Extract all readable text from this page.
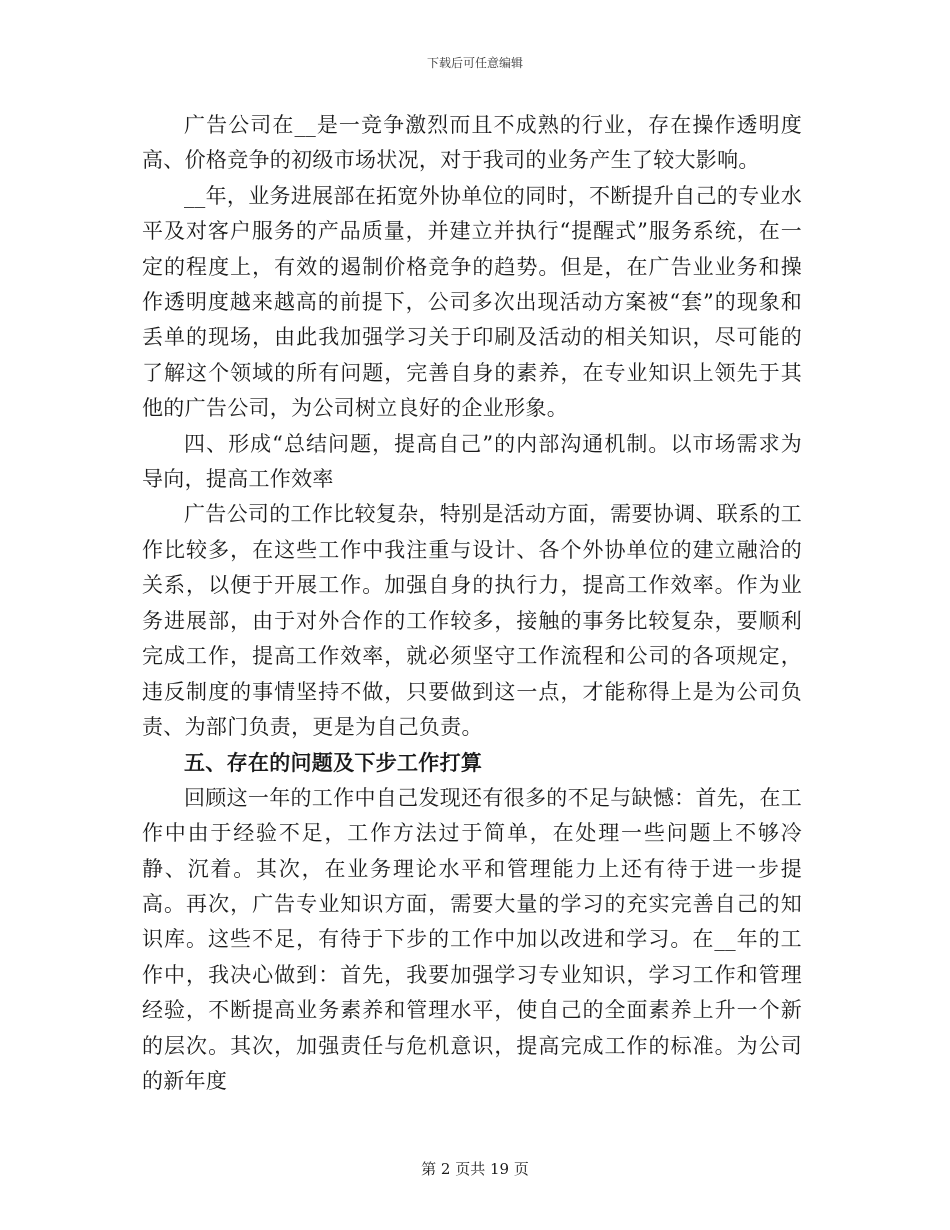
下载后可任意编辑

广告公司在__是一竞争激烈而且不成熟的行业，存在操作透明度高、价格竞争的初级市场状况，对于我司的业务产生了较大影响。

__年，业务进展部在拓宽外协单位的同时，不断提升自己的专业水平及对客户服务的产品质量，并建立并执行“提醒式”服务系统，在一定的程度上，有效的遏制价格竞争的趋势。但是，在广告业业务和操作透明度越来越高的前提下，公司多次出现活动方案被“套”的现象和丢单的现场，由此我加强学习关于印刷及活动的相关知识，尽可能的了解这个领域的所有问题，完善自身的素养，在专业知识上领先于其他的广告公司，为公司树立良好的企业形象。

四、形成“总结问题，提高自己”的内部沟通机制。以市场需求为导向，提高工作效率

广告公司的工作比较复杂，特别是活动方面，需要协调、联系的工作比较多，在这些工作中我注重与设计、各个外协单位的建立融洽的关系，以便于开展工作。加强自身的执行力，提高工作效率。作为业务进展部，由于对外合作的工作较多，接触的事务比较复杂，要顺利完成工作，提高工作效率，就必须坚守工作流程和公司的各项规定，违反制度的事情坚持不做，只要做到这一点，才能称得上是为公司负责、为部门负责，更是为自己负责。

五、存在的问题及下步工作打算

回顾这一年的工作中自己发现还有很多的不足与缺憾：首先，在工作中由于经验不足，工作方法过于简单，在处理一些问题上不够冷静、沉着。其次，在业务理论水平和管理能力上还有待于进一步提高。再次，广告专业知识方面，需要大量的学习的充实完善自己的知识库。这些不足，有待于下步的工作中加以改进和学习。在__年的工作中，我决心做到：首先，我要加强学习专业知识，学习工作和管理经验，不断提高业务素养和管理水平，使自己的全面素养上升一个新的层次。其次，加强责任与危机意识，提高完成工作的标准。为公司的新年度

第 2 页共 19 页
